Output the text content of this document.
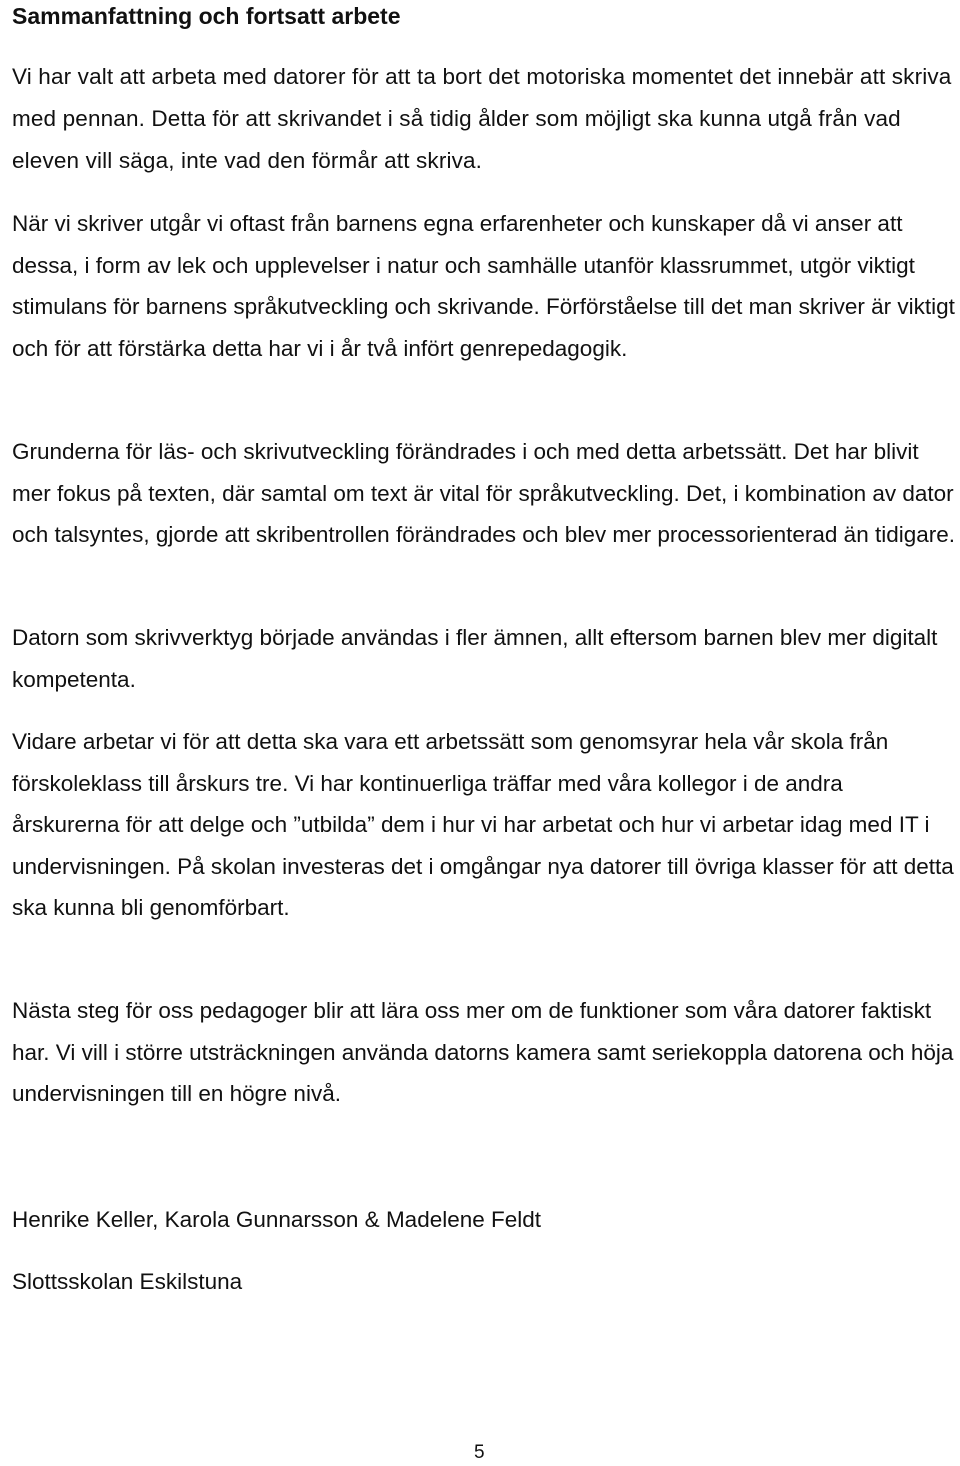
Sammanfattning och fortsatt arbete

Vi har valt att arbeta med datorer för att ta bort det motoriska momentet det innebär att skriva med pennan. Detta för att skrivandet i så tidig ålder som möjligt ska kunna utgå från vad eleven vill säga, inte vad den förmår att skriva.

När vi skriver utgår vi oftast från barnens egna erfarenheter och kunskaper då vi anser att dessa, i form av lek och upplevelser i natur och samhälle utanför klassrummet, utgör viktigt stimulans för barnens språkutveckling och skrivande. Förförståelse till det man skriver är viktigt och för att förstärka detta har vi i år två infört genrepedagogik.

Grunderna för läs- och skrivutveckling förändrades i och med detta arbetssätt. Det har blivit mer fokus på texten, där samtal om text är vital för språkutveckling. Det, i kombination av dator och talsyntes, gjorde att skribentrollen förändrades och blev mer processorienterad än tidigare.

Datorn som skrivverktyg började användas i fler ämnen, allt eftersom barnen blev mer digitalt kompetenta.

Vidare arbetar vi för att detta ska vara ett arbetssätt som genomsyrar hela vår skola från förskoleklass till årskurs tre. Vi har kontinuerliga träffar med våra kollegor i de andra årskurerna för att delge och ”utbilda” dem i hur vi har arbetat och hur vi arbetar idag med IT i undervisningen. På skolan investeras det i omgångar nya datorer till övriga klasser för att detta ska kunna bli genomförbart.

Nästa steg för oss pedagoger blir att lära oss mer om de funktioner som våra datorer faktiskt har. Vi vill i större utsträckningen använda datorns kamera samt seriekoppla datorena och höja undervisningen till en högre nivå.

Henrike Keller, Karola Gunnarsson & Madelene Feldt

Slottsskolan Eskilstuna

5
